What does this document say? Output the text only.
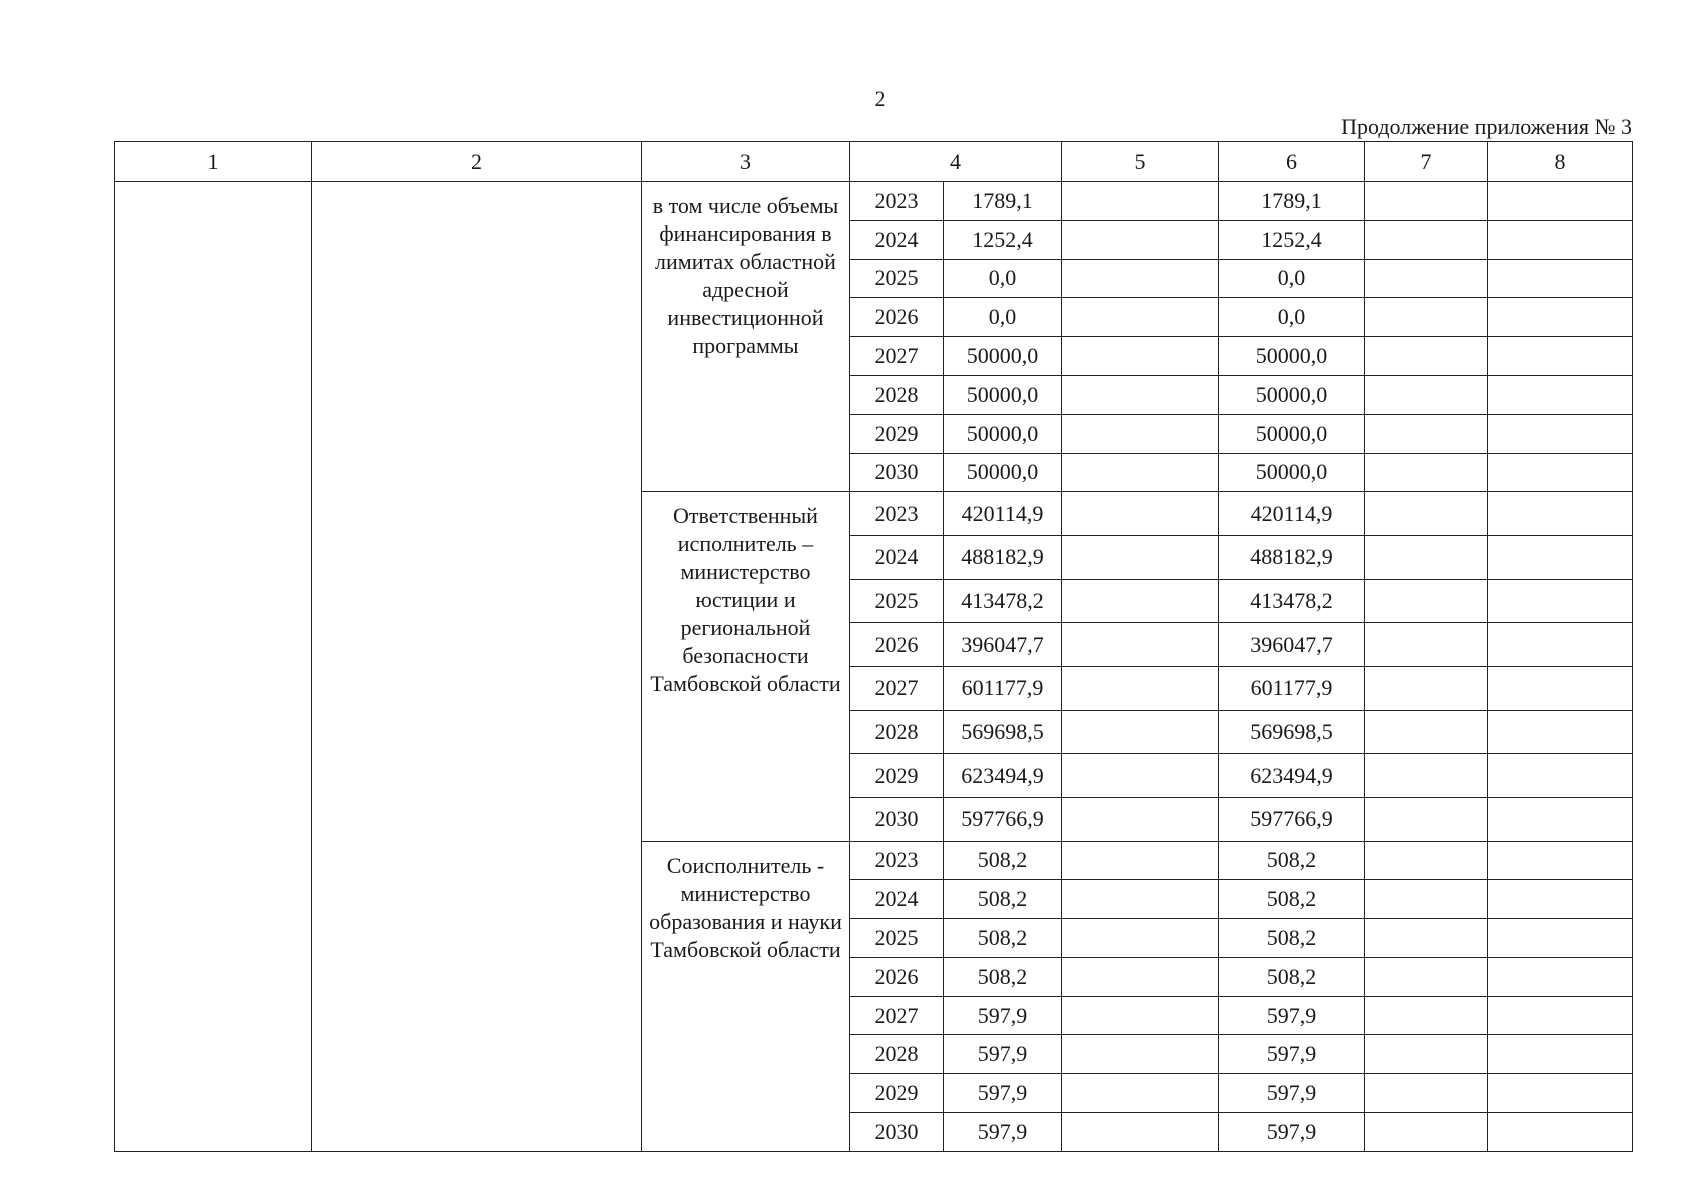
2
Продолжение приложения № 3
1	2	3	4		5	6	7	8
		в том числе объемы финансирования в лимитах областной адресной инвестиционной программы	2023	1789,1		1789,1		
			2024	1252,4		1252,4		
			2025	0,0		0,0		
			2026	0,0		0,0		
			2027	50000,0		50000,0		
			2028	50000,0		50000,0		
			2029	50000,0		50000,0		
			2030	50000,0		50000,0		
		Ответственный исполнитель – министерство юстиции и региональной безопасности Тамбовской области	2023	420114,9		420114,9		
			2024	488182,9		488182,9		
			2025	413478,2		413478,2		
			2026	396047,7		396047,7		
			2027	601177,9		601177,9		
			2028	569698,5		569698,5		
			2029	623494,9		623494,9		
			2030	597766,9		597766,9		
		Соисполнитель - министерство образования и науки Тамбовской области	2023	508,2		508,2		
			2024	508,2		508,2		
			2025	508,2		508,2		
			2026	508,2		508,2		
			2027	597,9		597,9		
			2028	597,9		597,9		
			2029	597,9		597,9		
			2030	597,9		597,9		
